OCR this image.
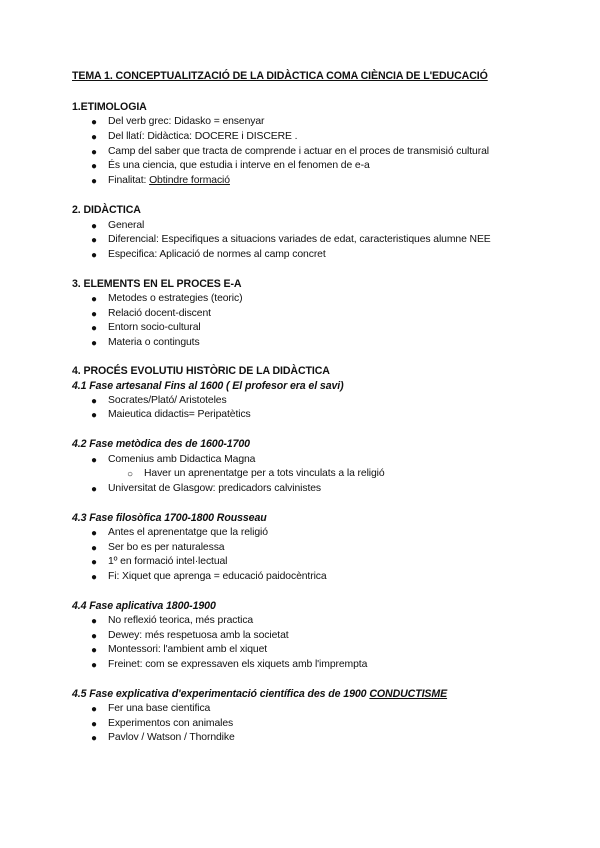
TEMA 1. CONCEPTUALITZACIÓ DE LA DIDÀCTICA COMA CIÈNCIA DE L'EDUCACIÓ
1.ETIMOLOGIA
● Del verb grec: Didasko = ensenyar
● Del llatí: Didàctica: DOCERE i DISCERE .
● Camp del saber que tracta de comprende i actuar en el proces de transmisió cultural
● És una ciencia, que estudia i interve en el fenomen de e-a
● Finalitat: Obtindre formació
2. DIDÀCTICA
● General
● Diferencial: Especifiques a situacions variades de edat, caracteristiques alumne NEE
● Especifica: Aplicació de normes al camp concret
3. ELEMENTS EN EL PROCES E-A
● Metodes o estrategies (teoric)
● Relació docent-discent
● Entorn socio-cultural
● Materia o continguts
4. PROCÉS EVOLUTIU HISTÒRIC DE LA DIDÀCTICA
4.1 Fase artesanal Fins al 1600 ( El profesor era el savi)
● Socrates/Plató/ Aristoteles
● Maieutica didactis= Peripatètics
4.2 Fase metòdica des de 1600-1700
● Comenius amb Didactica Magna
○ Haver un aprenentatge per a tots vinculats a la religió
● Universitat de Glasgow: predicadors calvinistes
4.3 Fase filosòfica 1700-1800 Rousseau
● Antes el aprenentatge que la religió
● Ser bo es per naturalessa
● 1º en formació intel·lectual
● Fi: Xiquet que aprenga = educació paidocèntrica
4.4 Fase aplicativa 1800-1900
● No reflexió teorica, més practica
● Dewey: més respetuosa amb la societat
● Montessori: l'ambient amb el xiquet
● Freinet: com se expressaven els xiquets amb l'imprempta
4.5 Fase explicativa d'experimentació científica des de 1900 CONDUCTISME
● Fer una base cientifica
● Experimentos con animales
● Pavlov / Watson / Thorndike
